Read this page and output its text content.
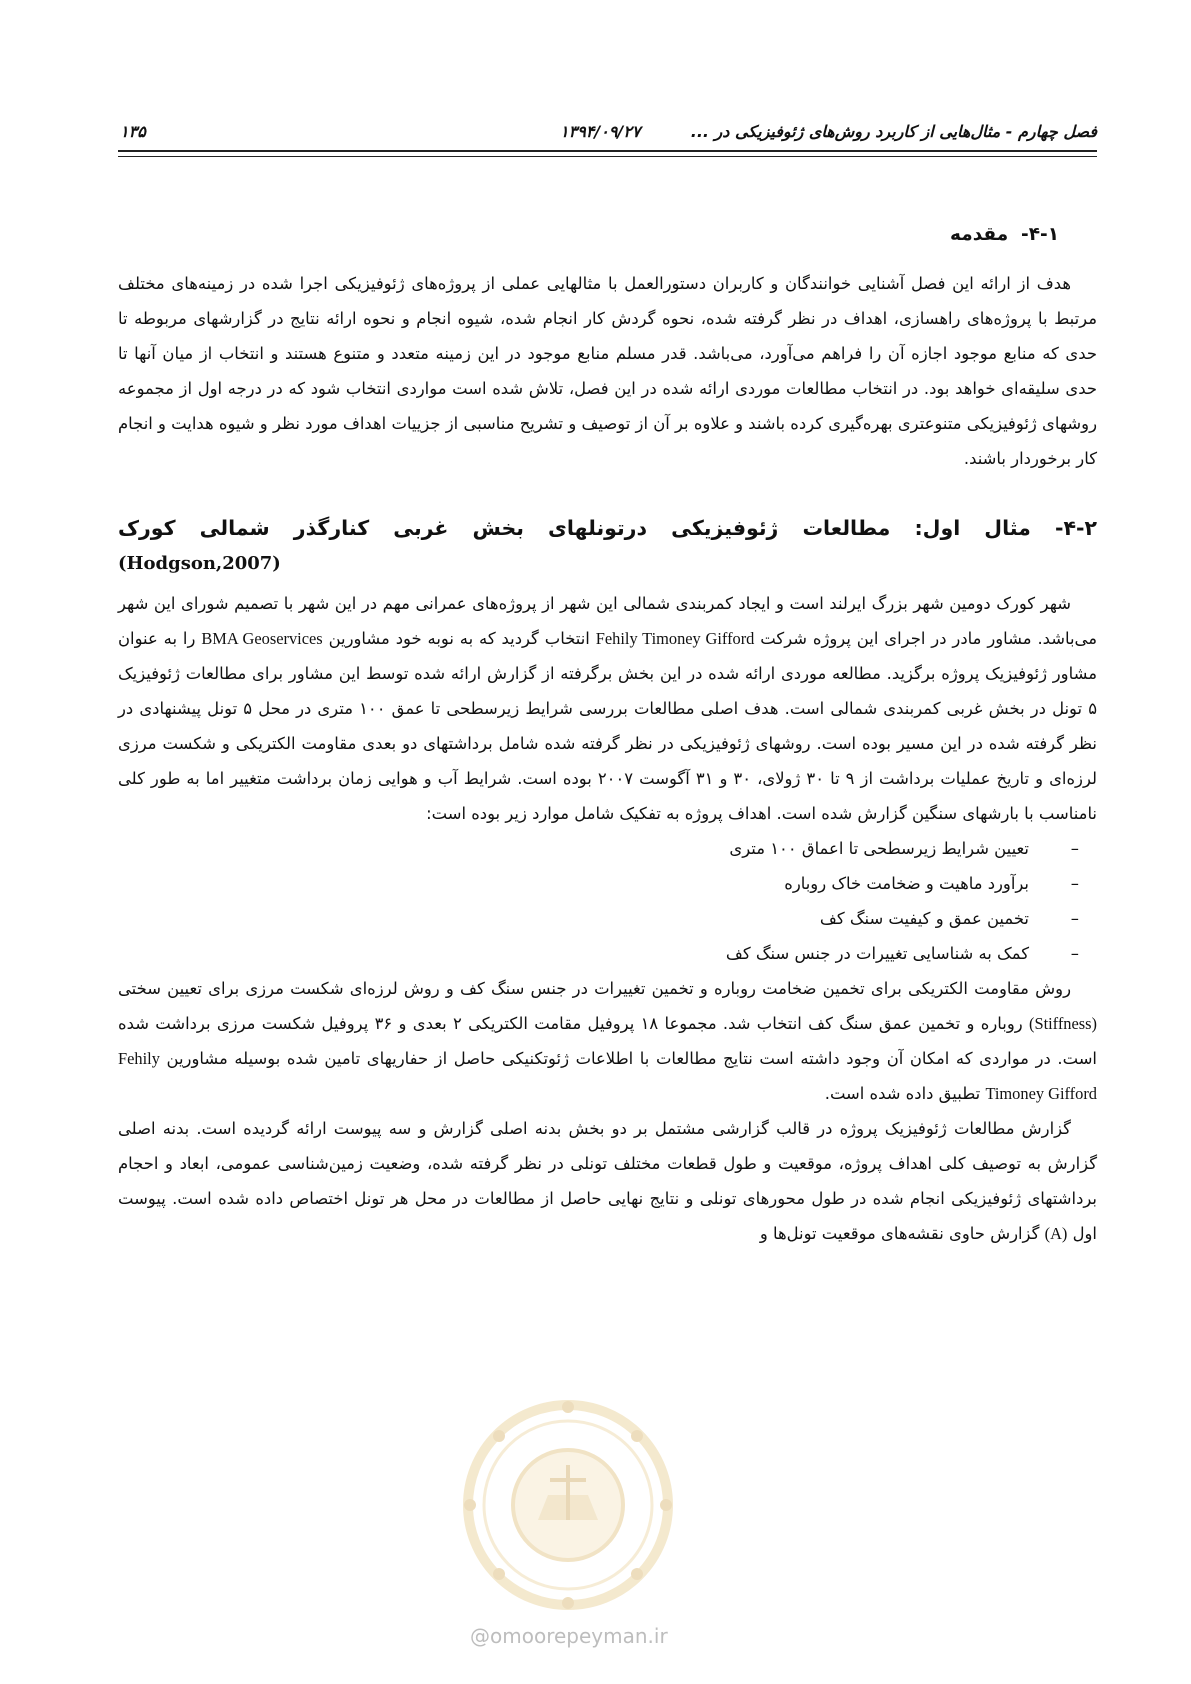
فصل چهارم - مثال‌هایی از کاربرد روش‌های ژئوفیزیکی در ...
۱۳۹۴/۰۹/۲۷
۱۳۵
۴-۱-  مقدمه

هدف از ارائه این فصل آشنایی خوانندگان و کاربران دستورالعمل با مثالهایی عملی از پروژه‌های ژئوفیزیکی اجرا شده در زمینه‌های مختلف مرتبط با پروژه‌های راهسازی، اهداف در نظر گرفته شده، نحوه گردش کار انجام شده، شیوه انجام و نحوه ارائه نتایج در گزارشهای مربوطه تا حدی که منابع موجود اجازه آن را فراهم می‌آورد، می‌باشد. قدر مسلم منابع موجود در این زمینه متعدد و متنوع هستند و انتخاب از میان آنها تا حدی سلیقه‌ای خواهد بود. در انتخاب مطالعات موردی ارائه شده در این فصل، تلاش شده است مواردی انتخاب شود که در درجه اول از مجموعه روشهای ژئوفیزیکی متنوعتری بهره‌گیری کرده باشند و علاوه بر آن از توصیف و تشریح مناسبی از جزییات اهداف مورد نظر و شیوه هدایت و انجام کار برخوردار باشند.

۴-۲- مثال اول: مطالعات ژئوفیزیکی درتونلهای بخش غربی کنارگذر شمالی کورک
(Hodgson,2007)

شهر کورک دومین شهر بزرگ ایرلند است و ایجاد کمربندی شمالی این شهر از پروژه‌های عمرانی مهم در این شهر با تصمیم شورای این شهر می‌باشد. مشاور مادر در اجرای این پروژه شرکت Fehily Timoney Gifford انتخاب گردید که به نوبه خود مشاورین BMA Geoservices را به عنوان مشاور ژئوفیزیک پروژه برگزید. مطالعه موردی ارائه شده در این بخش برگرفته از گزارش ارائه شده توسط این مشاور برای مطالعات ژئوفیزیک ۵ تونل در بخش غربی کمربندی شمالی است. هدف اصلی مطالعات بررسی شرایط زیرسطحی تا عمق ۱۰۰ متری در محل ۵ تونل پیشنهادی در نظر گرفته شده در این مسیر بوده است. روشهای ژئوفیزیکی در نظر گرفته شده شامل برداشتهای دو بعدی مقاومت الکتریکی و شکست مرزی لرزه‌ای و تاریخ عملیات برداشت از ۹ تا ۳۰ ژولای، ۳۰ و ۳۱ آگوست ۲۰۰۷ بوده است. شرایط آب و هوایی زمان برداشت متغییر اما به طور کلی نامناسب با بارشهای سنگین گزارش شده است. اهداف پروژه به تفکیک شامل موارد زیر بوده است:

–تعیین شرایط زیرسطحی تا اعماق ۱۰۰ متری
–برآورد ماهیت و ضخامت خاک روباره
–تخمین عمق و کیفیت سنگ کف
–کمک به شناسایی تغییرات در جنس سنگ کف

روش مقاومت الکتریکی برای تخمین ضخامت روباره و تخمین تغییرات در جنس سنگ کف و روش لرزه‌ای شکست مرزی برای تعیین سختی (Stiffness) روباره و تخمین عمق سنگ کف انتخاب شد. مجموعا ۱۸ پروفیل مقامت الکتریکی ۲ بعدی و ۳۶ پروفیل شکست مرزی برداشت شده است. در مواردی که امکان آن وجود داشته است نتایج مطالعات با اطلاعات ژئوتکنیکی حاصل از حفاریهای تامین شده بوسیله مشاورین Fehily Timoney Gifford تطبیق داده شده است.

گزارش مطالعات ژئوفیزیک پروژه در قالب گزارشی مشتمل بر دو بخش بدنه اصلی گزارش و سه پیوست ارائه گردیده است. بدنه اصلی گزارش به توصیف کلی اهداف پروژه، موقعیت و طول قطعات مختلف تونلی در نظر گرفته شده، وضعیت زمین‌شناسی عمومی، ابعاد و احجام برداشتهای ژئوفیزیکی انجام شده در طول محورهای تونلی و نتایج نهایی حاصل از مطالعات در محل هر تونل اختصاص داده شده است. پیوست اول (A) گزارش حاوی نقشه‌های موقعیت تونل‌ها و

@omoorepeyman.ir
